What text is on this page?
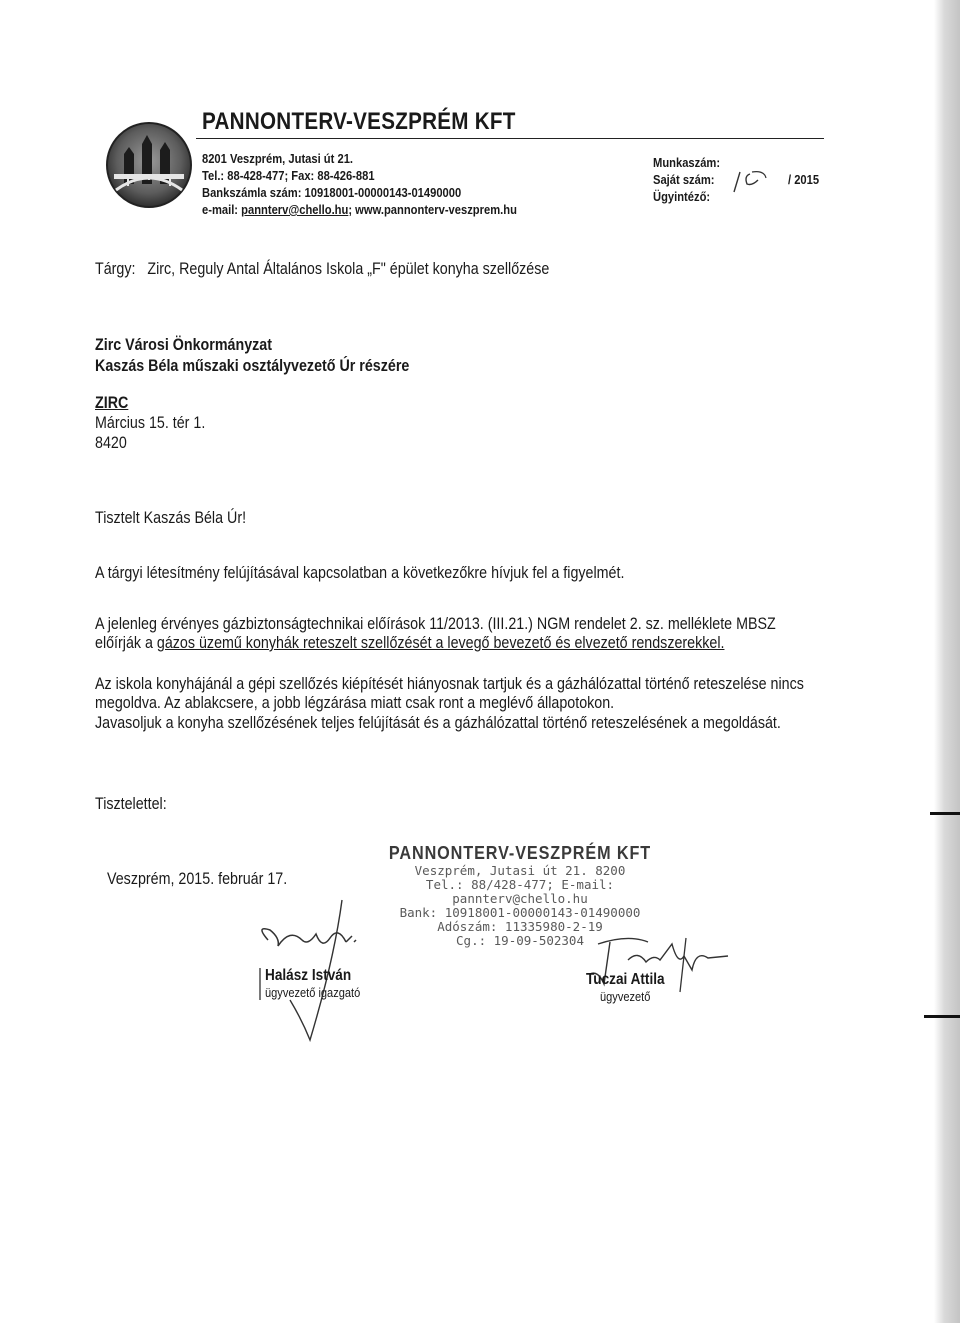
PANNONTERV-VESZPRÉM KFT
8201 Veszprém, Jutasi út 21.
Tel.: 88-428-477; Fax: 88-426-881
Bankszámla szám: 10918001-00000143-01490000
e-mail: pannterv@chello.hu; www.pannonterv-veszprem.hu
Munkaszám:
Saját szám:
Ügyintéző:
/ 2015
Tárgy: Zirc, Reguly Antal Általános Iskola „F" épület konyha szellőzése
Zirc Városi Önkormányzat
Kaszás Béla műszaki osztályvezető Úr részére
ZIRC
Március 15. tér 1.
8420
Tisztelt Kaszás Béla Úr!
A tárgyi létesítmény felújításával kapcsolatban a következőkre hívjuk fel a figyelmét.
A jelenleg érvényes gázbiztonságtechnikai előírások 11/2013. (III.21.) NGM rendelet 2. sz. melléklete MBSZ
előírják a gázos üzemű konyhák reteszelt szellőzését a levegő bevezető és elvezető rendszerekkel.
Az iskola konyhájánál a gépi szellőzés kiépítését hiányosnak tartjuk és a gázhálózattal történő reteszelése nincs
megoldva. Az ablakcsere, a jobb légzárása miatt csak ront a meglévő állapotokon.
Javasoljuk a konyha szellőzésének teljes felújítását és a gázhálózattal történő reteszelésének a megoldását.
Tisztelettel:
Veszprém, 2015. február 17.
PANNONTERV-VESZPRÉM KFT
Veszprém, Jutasi út 21. 8200
Tel.: 88/428-477; E-mail: pannterv@chello.hu
Bank: 10918001-00000143-01490000
Adószám: 11335980-2-19
Cg.: 19-09-502304
Halász István
ügyvezető igazgató
Tuczai Attila
ügyvezető
